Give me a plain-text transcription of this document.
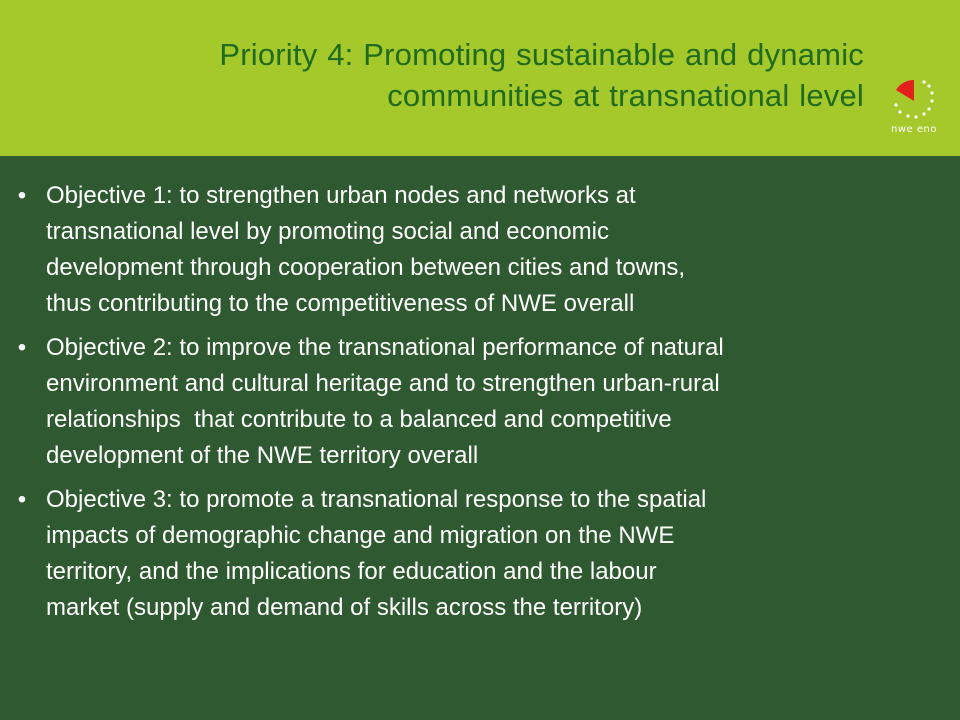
Priority 4: Promoting sustainable and dynamic
communities at transnational level
nwe eno
• Objective 1: to strengthen urban nodes and networks at
transnational level by promoting social and economic
development through cooperation between cities and towns,
thus contributing to the competitiveness of NWE overall
• Objective 2: to improve the transnational performance of natural
environment and cultural heritage and to strengthen urban-rural
relationships  that contribute to a balanced and competitive
development of the NWE territory overall
• Objective 3: to promote a transnational response to the spatial
impacts of demographic change and migration on the NWE
territory, and the implications for education and the labour
market (supply and demand of skills across the territory)
